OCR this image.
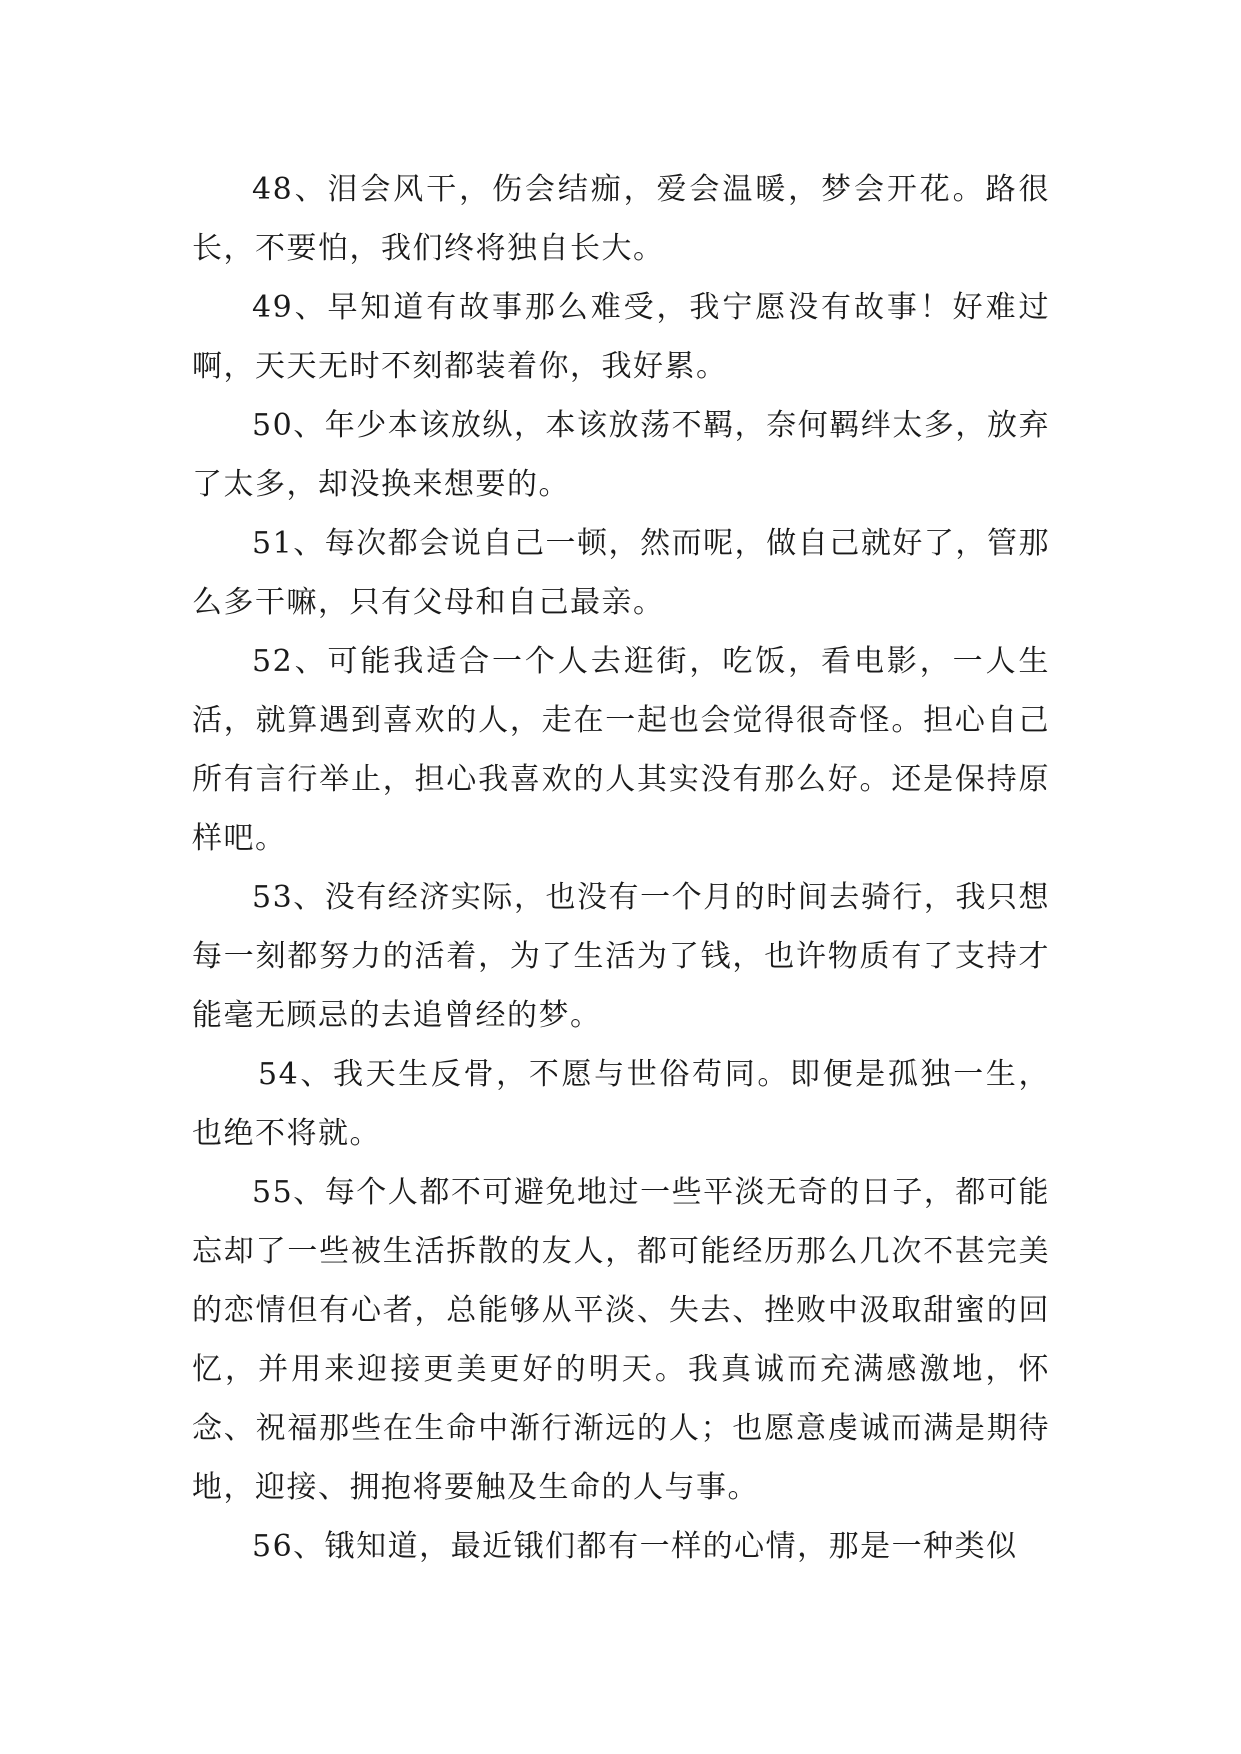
48、泪会风干，伤会结痂，爱会温暖，梦会开花。路很长，不要怕，我们终将独自长大。

49、早知道有故事那么难受，我宁愿没有故事！好难过啊，天天无时不刻都装着你，我好累。

50、年少本该放纵，本该放荡不羁，奈何羁绊太多，放弃了太多，却没换来想要的。

51、每次都会说自己一顿，然而呢，做自己就好了，管那么多干嘛，只有父母和自己最亲。

52、可能我适合一个人去逛街，吃饭，看电影，一人生活，就算遇到喜欢的人，走在一起也会觉得很奇怪。担心自己所有言行举止，担心我喜欢的人其实没有那么好。还是保持原样吧。

53、没有经济实际，也没有一个月的时间去骑行，我只想每一刻都努力的活着，为了生活为了钱，也许物质有了支持才能毫无顾忌的去追曾经的梦。

54、我天生反骨，不愿与世俗苟同。即便是孤独一生，也绝不将就。

55、每个人都不可避免地过一些平淡无奇的日子，都可能忘却了一些被生活拆散的友人，都可能经历那么几次不甚完美的恋情但有心者，总能够从平淡、失去、挫败中汲取甜蜜的回忆，并用来迎接更美更好的明天。我真诚而充满感激地，怀念、祝福那些在生命中渐行渐远的人；也愿意虔诚而满是期待地，迎接、拥抱将要触及生命的人与事。

56、锇知道，最近锇们都有一样的心情，那是一种类似
